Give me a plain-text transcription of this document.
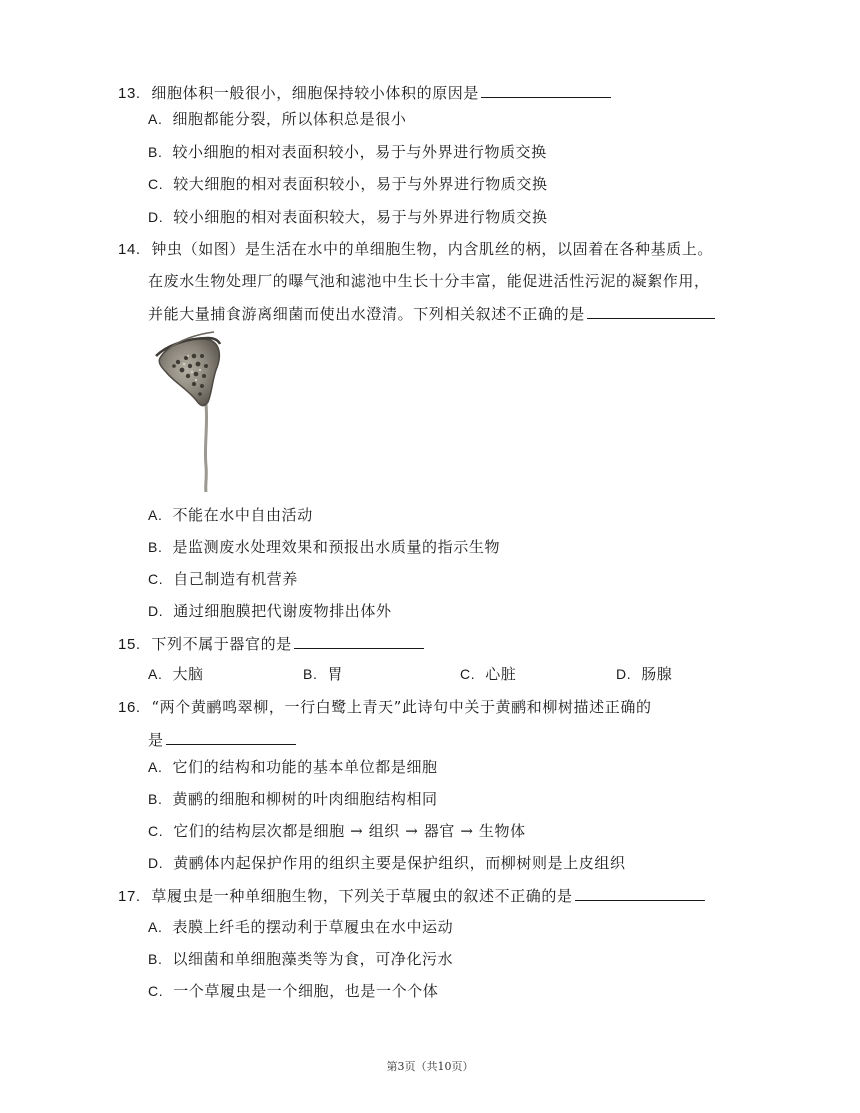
13. 细胞体积一般很小，细胞保持较小体积的原因是
A. 细胞都能分裂，所以体积总是很小
B. 较小细胞的相对表面积较小，易于与外界进行物质交换
C. 较大细胞的相对表面积较小，易于与外界进行物质交换
D. 较小细胞的相对表面积较大，易于与外界进行物质交换
14. 钟虫（如图）是生活在水中的单细胞生物，内含肌丝的柄，以固着在各种基质上。
在废水生物处理厂的曝气池和滤池中生长十分丰富，能促进活性污泥的凝絮作用，
并能大量捕食游离细菌而使出水澄清。下列相关叙述不正确的是
A. 不能在水中自由活动
B. 是监测废水处理效果和预报出水质量的指示生物
C. 自己制造有机营养
D. 通过细胞膜把代谢废物排出体外
15. 下列不属于器官的是
A. 大脑	B. 胃	C. 心脏	D. 肠腺
16. “两个黄鹂鸣翠柳，一行白鹭上青天”此诗句中关于黄鹂和柳树描述正确的
是
A. 它们的结构和功能的基本单位都是细胞
B. 黄鹂的细胞和柳树的叶肉细胞结构相同
C. 它们的结构层次都是细胞 → 组织 → 器官 → 生物体
D. 黄鹂体内起保护作用的组织主要是保护组织，而柳树则是上皮组织
17. 草履虫是一种单细胞生物，下列关于草履虫的叙述不正确的是
A. 表膜上纤毛的摆动利于草履虫在水中运动
B. 以细菌和单细胞藻类等为食，可净化污水
C. 一个草履虫是一个细胞，也是一个个体
第3页（共10页）
